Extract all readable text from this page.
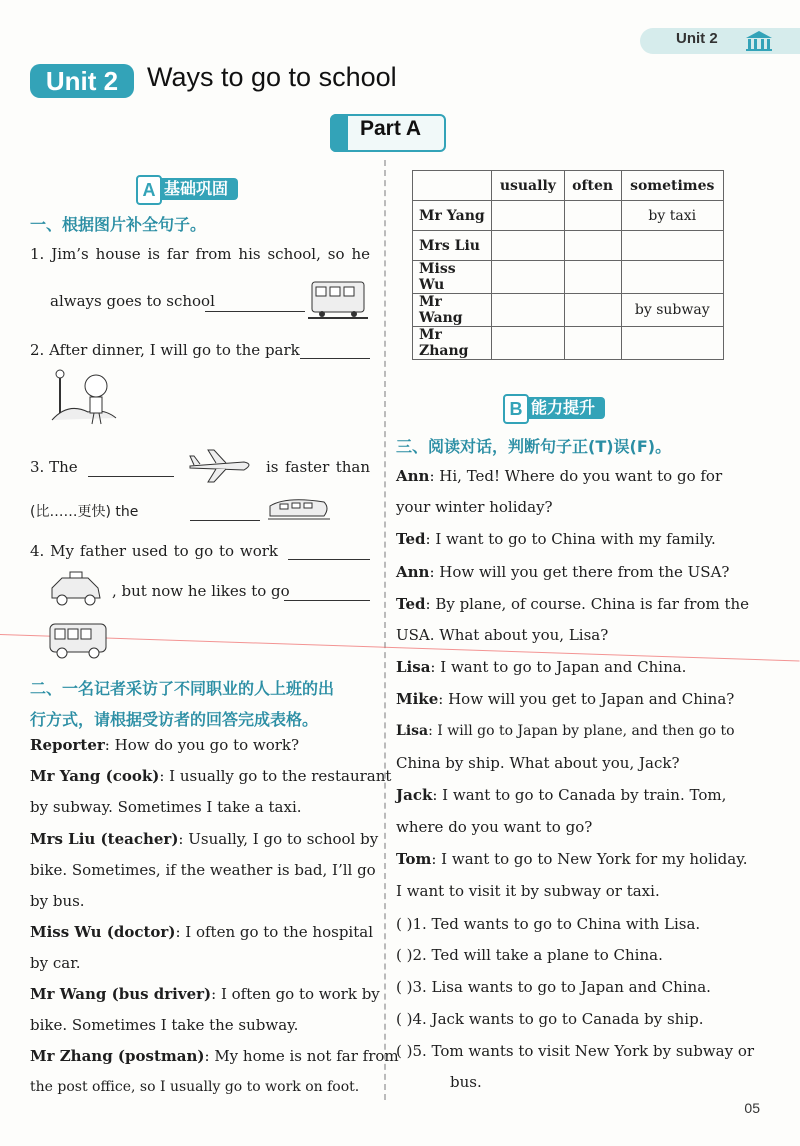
Unit 2
Unit 2	Ways to go to school
Part A
A 基础巩固
一、根据图片补全句子。
1. Jim’s house is far from his school, so he
always goes to school
2. After dinner, I will go to the park
3. The	is faster than
(比……更快) the
4. My father used to go to work
, but now he likes to go
二、一名记者采访了不同职业的人上班的出
行方式，请根据受访者的回答完成表格。
Reporter: How do you go to work?
Mr Yang (cook): I usually go to the restaurant
by subway. Sometimes I take a taxi.
Mrs Liu (teacher): Usually, I go to school by
bike. Sometimes, if the weather is bad, I’ll go
by bus.
Miss Wu (doctor): I often go to the hospital
by car.
Mr Wang (bus driver): I often go to work by
bike. Sometimes I take the subway.
Mr Zhang (postman): My home is not far from
the post office, so I usually go to work on foot.
	usually	often	sometimes
Mr Yang			by taxi
Mrs Liu			
Miss Wu			
Mr Wang			by subway
Mr Zhang			
B 能力提升
三、阅读对话，判断句子正(T)误(F)。
Ann: Hi, Ted! Where do you want to go for
your winter holiday?
Ted: I want to go to China with my family.
Ann: How will you get there from the USA?
Ted: By plane, of course. China is far from the
USA. What about you, Lisa?
Lisa: I want to go to Japan and China.
Mike: How will you get to Japan and China?
Lisa: I will go to Japan by plane, and then go to
China by ship. What about you, Jack?
Jack: I want to go to Canada by train. Tom,
where do you want to go?
Tom: I want to go to New York for my holiday.
I want to visit it by subway or taxi.
( )1. Ted wants to go to China with Lisa.
( )2. Ted will take a plane to China.
( )3. Lisa wants to go to Japan and China.
( )4. Jack wants to go to Canada by ship.
( )5. Tom wants to visit New York by subway or
bus.
05
